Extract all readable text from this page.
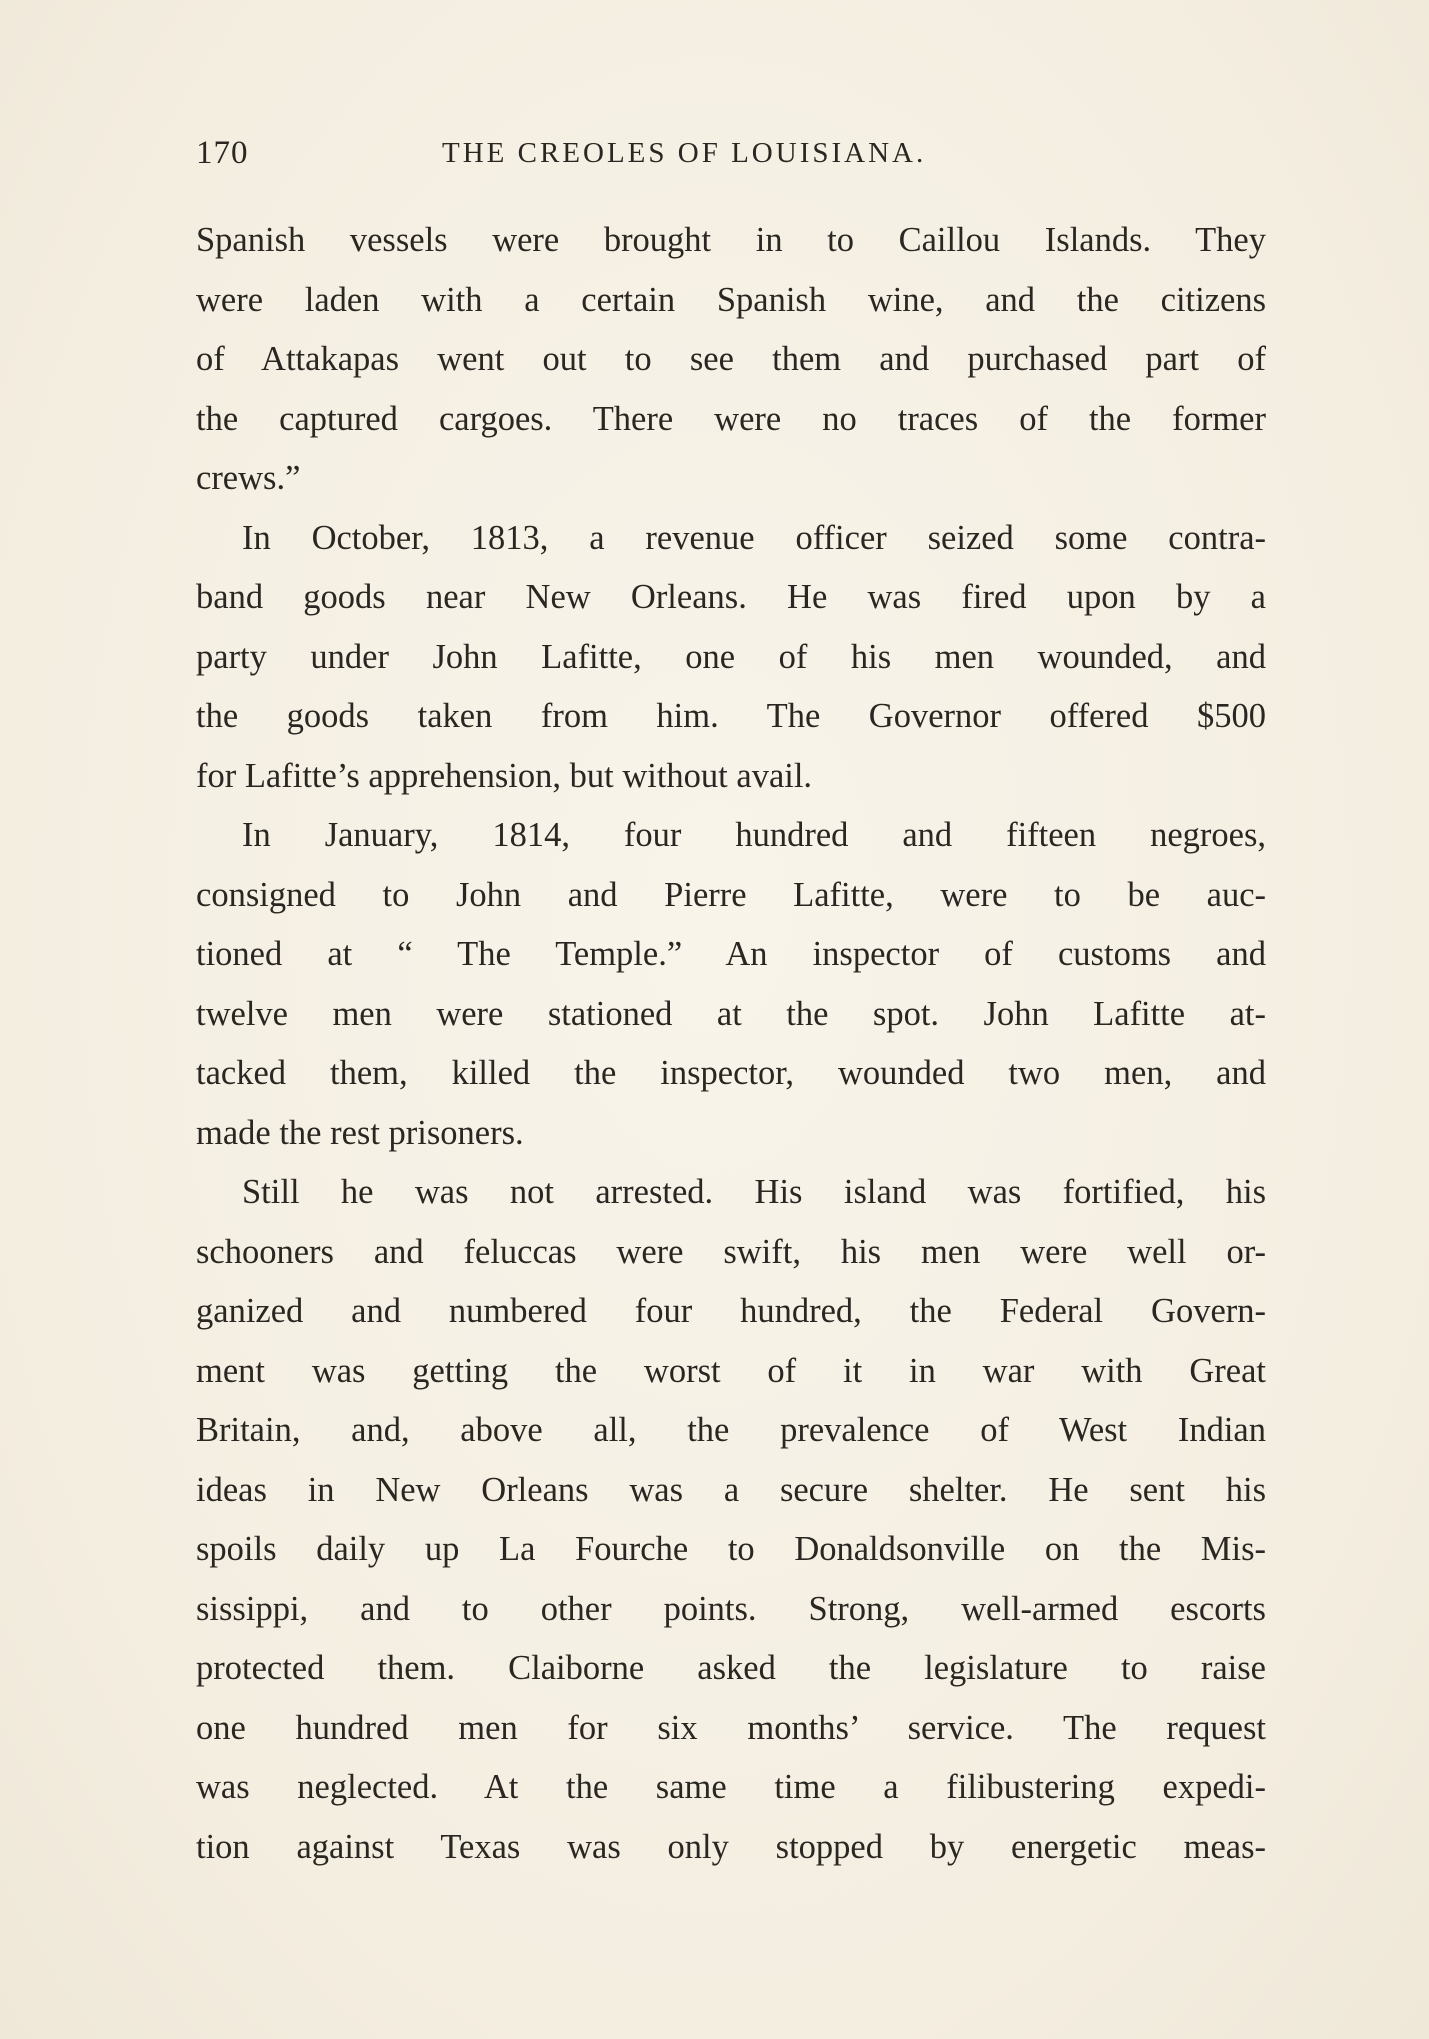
170	THE CREOLES OF LOUISIANA.
Spanish vessels were brought in to Caillou Islands. They
were laden with a certain Spanish wine, and the citizens
of Attakapas went out to see them and purchased part of
the captured cargoes. There were no traces of the former
crews.”
In October, 1813, a revenue officer seized some contra-
band goods near New Orleans. He was fired upon by a
party under John Lafitte, one of his men wounded, and
the goods taken from him. The Governor offered $500
for Lafitte’s apprehension, but without avail.
In January, 1814, four hundred and fifteen negroes,
consigned to John and Pierre Lafitte, were to be auc-
tioned at “ The Temple.” An inspector of customs and
twelve men were stationed at the spot. John Lafitte at-
tacked them, killed the inspector, wounded two men, and
made the rest prisoners.
Still he was not arrested. His island was fortified, his
schooners and feluccas were swift, his men were well or-
ganized and numbered four hundred, the Federal Govern-
ment was getting the worst of it in war with Great
Britain, and, above all, the prevalence of West Indian
ideas in New Orleans was a secure shelter. He sent his
spoils daily up La Fourche to Donaldsonville on the Mis-
sissippi, and to other points. Strong, well-armed escorts
protected them. Claiborne asked the legislature to raise
one hundred men for six months’ service. The request
was neglected. At the same time a filibustering expedi-
tion against Texas was only stopped by energetic meas-
